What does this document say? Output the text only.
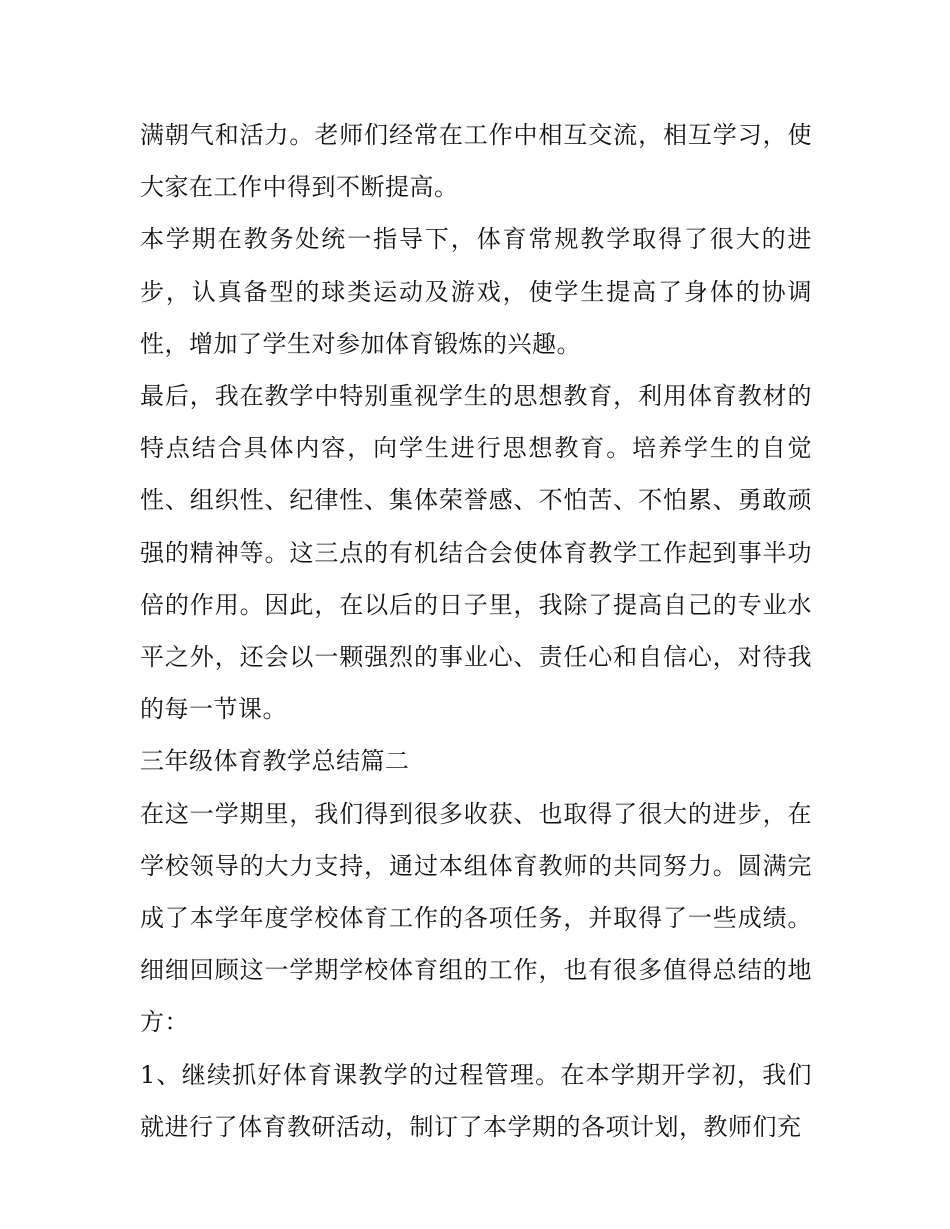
满朝气和活力。老师们经常在工作中相互交流，相互学习，使大家在工作中得到不断提高。

本学期在教务处统一指导下，体育常规教学取得了很大的进步，认真备型的球类运动及游戏，使学生提高了身体的协调性，增加了学生对参加体育锻炼的兴趣。

最后，我在教学中特别重视学生的思想教育，利用体育教材的特点结合具体内容，向学生进行思想教育。培养学生的自觉性、组织性、纪律性、集体荣誉感、不怕苦、不怕累、勇敢顽强的精神等。这三点的有机结合会使体育教学工作起到事半功倍的作用。因此，在以后的日子里，我除了提高自己的专业水平之外，还会以一颗强烈的事业心、责任心和自信心，对待我的每一节课。

三年级体育教学总结篇二

在这一学期里，我们得到很多收获、也取得了很大的进步，在学校领导的大力支持，通过本组体育教师的共同努力。圆满完成了本学年度学校体育工作的各项任务，并取得了一些成绩。细细回顾这一学期学校体育组的工作，也有很多值得总结的地方：

1、继续抓好体育课教学的过程管理。在本学期开学初，我们就进行了体育教研活动，制订了本学期的各项计划，教师们充
